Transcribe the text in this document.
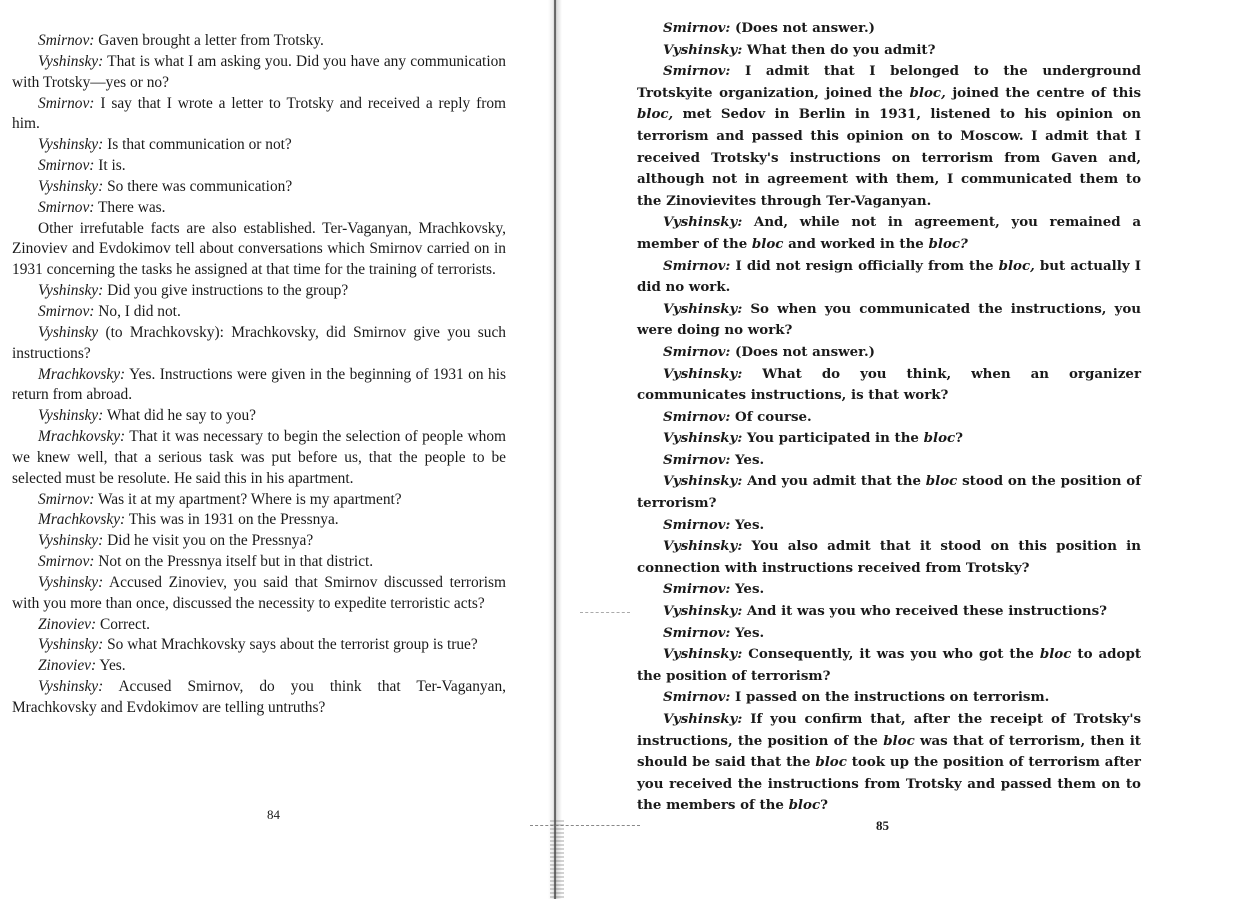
Smirnov: Gaven brought a letter from Trotsky.

Vyshinsky: That is what I am asking you. Did you have any communication with Trotsky—yes or no?

Smirnov: I say that I wrote a letter to Trotsky and received a reply from him.

Vyshinsky: Is that communication or not?

Smirnov: It is.

Vyshinsky: So there was communication?

Smirnov: There was.

Other irrefutable facts are also established. Ter-Vaganyan, Mrachkovsky, Zinoviev and Evdokimov tell about conversations which Smirnov carried on in 1931 concerning the tasks he assigned at that time for the training of terrorists.

Vyshinsky: Did you give instructions to the group?

Smirnov: No, I did not.

Vyshinsky (to Mrachkovsky): Mrachkovsky, did Smirnov give you such instructions?

Mrachkovsky: Yes. Instructions were given in the beginning of 1931 on his return from abroad.

Vyshinsky: What did he say to you?

Mrachkovsky: That it was necessary to begin the selection of people whom we knew well, that a serious task was put before us, that the people to be selected must be resolute. He said this in his apartment.

Smirnov: Was it at my apartment? Where is my apartment?

Mrachkovsky: This was in 1931 on the Pressnya.

Vyshinsky: Did he visit you on the Pressnya?

Smirnov: Not on the Pressnya itself but in that district.

Vyshinsky: Accused Zinoviev, you said that Smirnov discussed terrorism with you more than once, discussed the necessity to expedite terroristic acts?

Zinoviev: Correct.

Vyshinsky: So what Mrachkovsky says about the terrorist group is true?

Zinoviev: Yes.

Vyshinsky: Accused Smirnov, do you think that Ter-Vaganyan, Mrachkovsky and Evdokimov are telling untruths?

84

Smirnov: (Does not answer.)

Vyshinsky: What then do you admit?

Smirnov: I admit that I belonged to the underground Trotskyite organization, joined the bloc, joined the centre of this bloc, met Sedov in Berlin in 1931, listened to his opinion on terrorism and passed this opinion on to Moscow. I admit that I received Trotsky's instructions on terrorism from Gaven and, although not in agreement with them, I communicated them to the Zinovievites through Ter-Vaganyan.

Vyshinsky: And, while not in agreement, you remained a member of the bloc and worked in the bloc?

Smirnov: I did not resign officially from the bloc, but actually I did no work.

Vyshinsky: So when you communicated the instructions, you were doing no work?

Smirnov: (Does not answer.)

Vyshinsky: What do you think, when an organizer communicates instructions, is that work?

Smirnov: Of course.

Vyshinsky: You participated in the bloc?

Smirnov: Yes.

Vyshinsky: And you admit that the bloc stood on the position of terrorism?

Smirnov: Yes.

Vyshinsky: You also admit that it stood on this position in connection with instructions received from Trotsky?

Smirnov: Yes.

Vyshinsky: And it was you who received these instructions?

Smirnov: Yes.

Vyshinsky: Consequently, it was you who got the bloc to adopt the position of terrorism?

Smirnov: I passed on the instructions on terrorism.

Vyshinsky: If you confirm that, after the receipt of Trotsky's instructions, the position of the bloc was that of terrorism, then it should be said that the bloc took up the position of terrorism after you received the instructions from Trotsky and passed them on to the members of the bloc?

85
